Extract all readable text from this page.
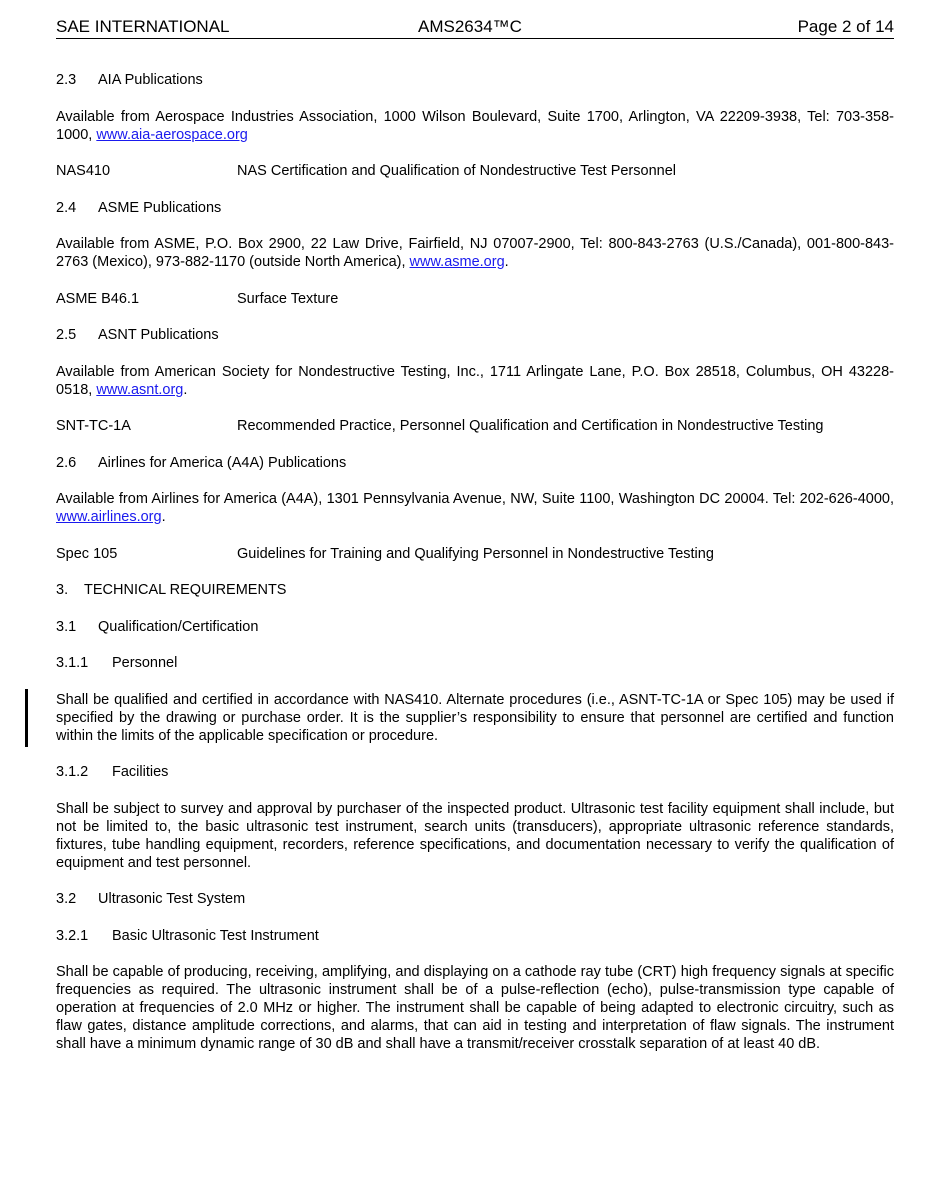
SAE INTERNATIONAL	AMS2634™C	Page 2 of 14
2.3 AIA Publications

Available from Aerospace Industries Association, 1000 Wilson Boulevard, Suite 1700, Arlington, VA 22209-3938, Tel: 703-358-1000, www.aia-aerospace.org

NAS410	NAS Certification and Qualification of Nondestructive Test Personnel
2.4 ASME Publications

Available from ASME, P.O. Box 2900, 22 Law Drive, Fairfield, NJ 07007-2900, Tel: 800-843-2763 (U.S./Canada), 001-800-843-2763 (Mexico), 973-882-1170 (outside North America), www.asme.org.

ASME B46.1	Surface Texture
2.5 ASNT Publications

Available from American Society for Nondestructive Testing, Inc., 1711 Arlingate Lane, P.O. Box 28518, Columbus, OH 43228-0518, www.asnt.org.

SNT-TC-1A	Recommended Practice, Personnel Qualification and Certification in Nondestructive Testing
2.6 Airlines for America (A4A) Publications

Available from Airlines for America (A4A), 1301 Pennsylvania Avenue, NW, Suite 1100, Washington DC 20004. Tel: 202-626-4000, www.airlines.org.

Spec 105	Guidelines for Training and Qualifying Personnel in Nondestructive Testing
3. TECHNICAL REQUIREMENTS
3.1 Qualification/Certification
3.1.1 Personnel

Shall be qualified and certified in accordance with NAS410. Alternate procedures (i.e., ASNT-TC-1A or Spec 105) may be used if specified by the drawing or purchase order. It is the supplier’s responsibility to ensure that personnel are certified and function within the limits of the applicable specification or procedure.

3.1.2 Facilities

Shall be subject to survey and approval by purchaser of the inspected product. Ultrasonic test facility equipment shall include, but not be limited to, the basic ultrasonic test instrument, search units (transducers), appropriate ultrasonic reference standards, fixtures, tube handling equipment, recorders, reference specifications, and documentation necessary to verify the qualification of equipment and test personnel.

3.2 Ultrasonic Test System
3.2.1 Basic Ultrasonic Test Instrument

Shall be capable of producing, receiving, amplifying, and displaying on a cathode ray tube (CRT) high frequency signals at specific frequencies as required. The ultrasonic instrument shall be of a pulse-reflection (echo), pulse-transmission type capable of operation at frequencies of 2.0 MHz or higher. The instrument shall be capable of being adapted to electronic circuitry, such as flaw gates, distance amplitude corrections, and alarms, that can aid in testing and interpretation of flaw signals. The instrument shall have a minimum dynamic range of 30 dB and shall have a transmit/receiver crosstalk separation of at least 40 dB.
